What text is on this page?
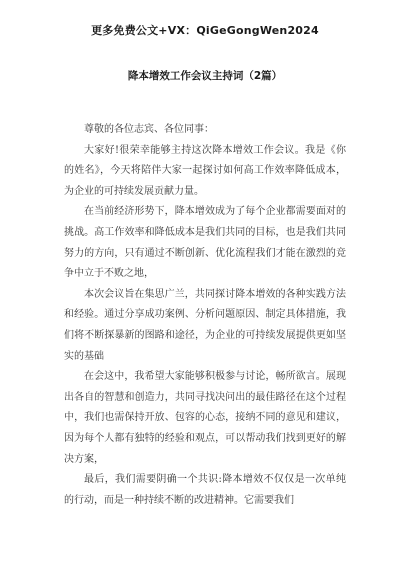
更多免费公文+VX：QiGeGongWen2024
降本增效工作会议主持词（2篇）

尊敬的各位志宾、各位同事：

大家好!很荣幸能够主持这次降本增效工作会议。我是《你的姓名》，今天将陪伴大家一起探讨如何高工作效率降低成本，为企业的可持续发展贡献力量。

在当前经济形势下，降本增效成为了每个企业都需要面对的挑战。高工作效率和降低成本是我们共同的目标，也是我们共同努力的方向，只有通过不断创新、优化流程我们才能在激烈的竞争中立于不败之地，

本次会议旨在集思广兰，共同探讨降本增效的各种实践方法和经验。通过分享成功案例、分析问题原因、制定具体措施，我们将不断探暴新的图路和途径，为企业的可持续发展提供更如坚实的基础

在会这中，我希望大家能够积极参与讨论，畅所欲言。展现出各自的智慧和创造力，共同寻找决问出的最佳路径在这个过程中，我们也需保持开放、包容的心态，接纳不同的意见和建议，因为每个人都有独特的经验和观点，可以帮动我们找到更好的解决方案，

最后，我们需要阴确一个共识:降本增效不仅仅是一次单纯的行动，而是一种持续不断的改进精神。它需要我们
